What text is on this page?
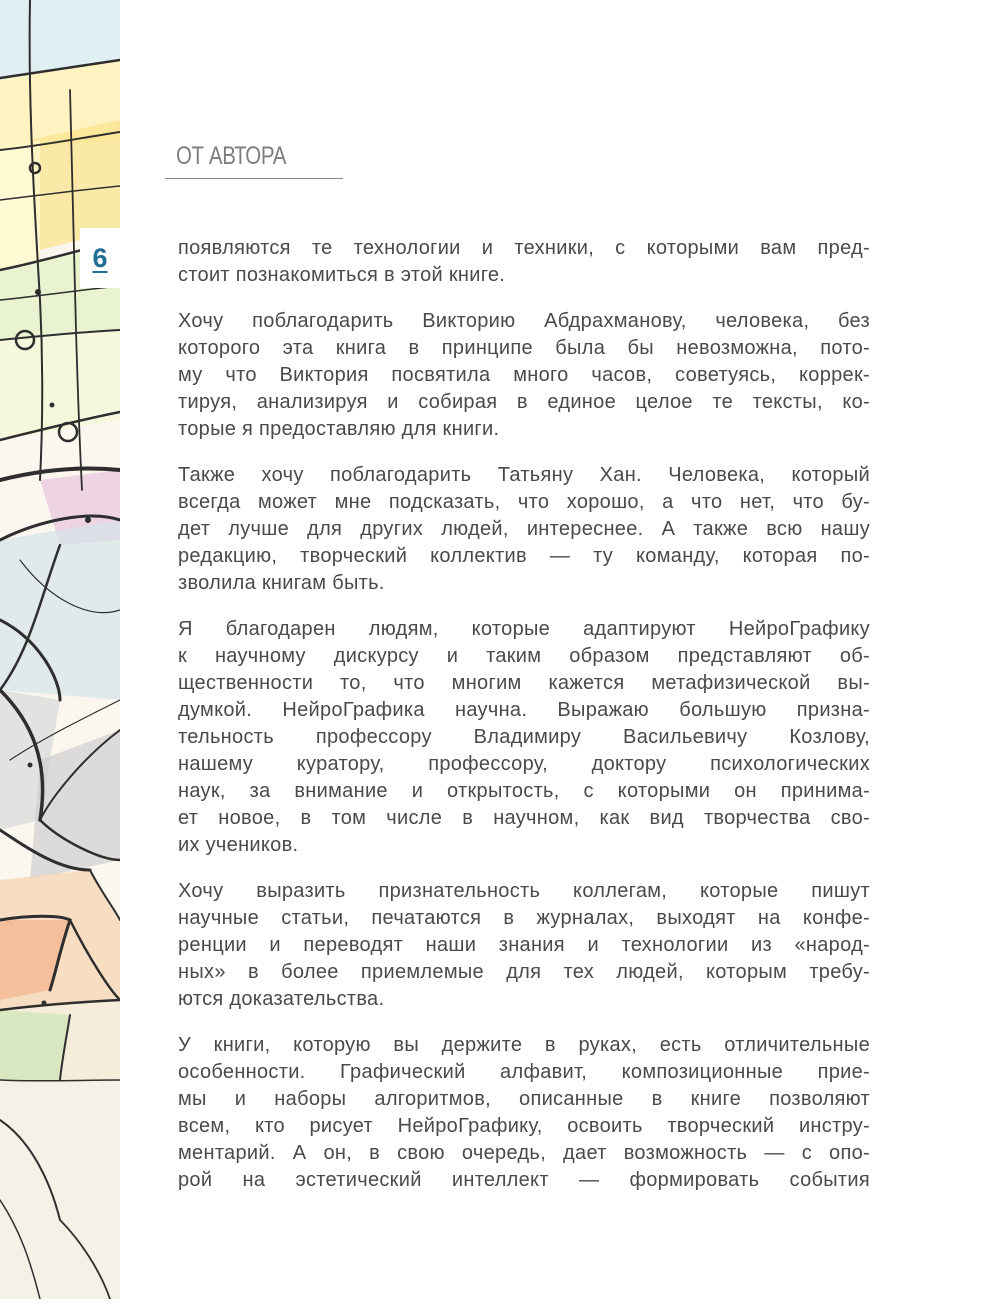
6
ОТ АВТОРА
появляются те технологии и техники, с которыми вам пред-
стоит познакомиться в этой книге.
Хочу поблагодарить Викторию Абдрахманову, человека, без
которого эта книга в принципе была бы невозможна, пото-
му что Виктория посвятила много часов, советуясь, коррек-
тируя, анализируя и собирая в единое целое те тексты, ко-
торые я предоставляю для книги.
Также хочу поблагодарить Татьяну Хан. Человека, который
всегда может мне подсказать, что хорошо, а что нет, что бу-
дет лучше для других людей, интереснее. А также всю нашу
редакцию, творческий коллектив — ту команду, которая по-
зволила книгам быть.
Я благодарен людям, которые адаптируют НейроГрафику
к научному дискурсу и таким образом представляют об-
щественности то, что многим кажется метафизической вы-
думкой. НейроГрафика научна. Выражаю большую призна-
тельность профессору Владимиру Васильевичу Козлову,
нашему куратору, профессору, доктору психологических
наук, за внимание и открытость, с которыми он принима-
ет новое, в том числе в научном, как вид творчества сво-
их учеников.
Хочу выразить признательность коллегам, которые пишут
научные статьи, печатаются в журналах, выходят на конфе-
ренции и переводят наши знания и технологии из «народ-
ных» в более приемлемые для тех людей, которым требу-
ются доказательства.
У книги, которую вы держите в руках, есть отличительные
особенности. Графический алфавит, композиционные прие-
мы и наборы алгоритмов, описанные в книге позволяют
всем, кто рисует НейроГрафику, освоить творческий инстру-
ментарий. А он, в свою очередь, дает возможность — с опо-
рой на эстетический интеллект — формировать события
